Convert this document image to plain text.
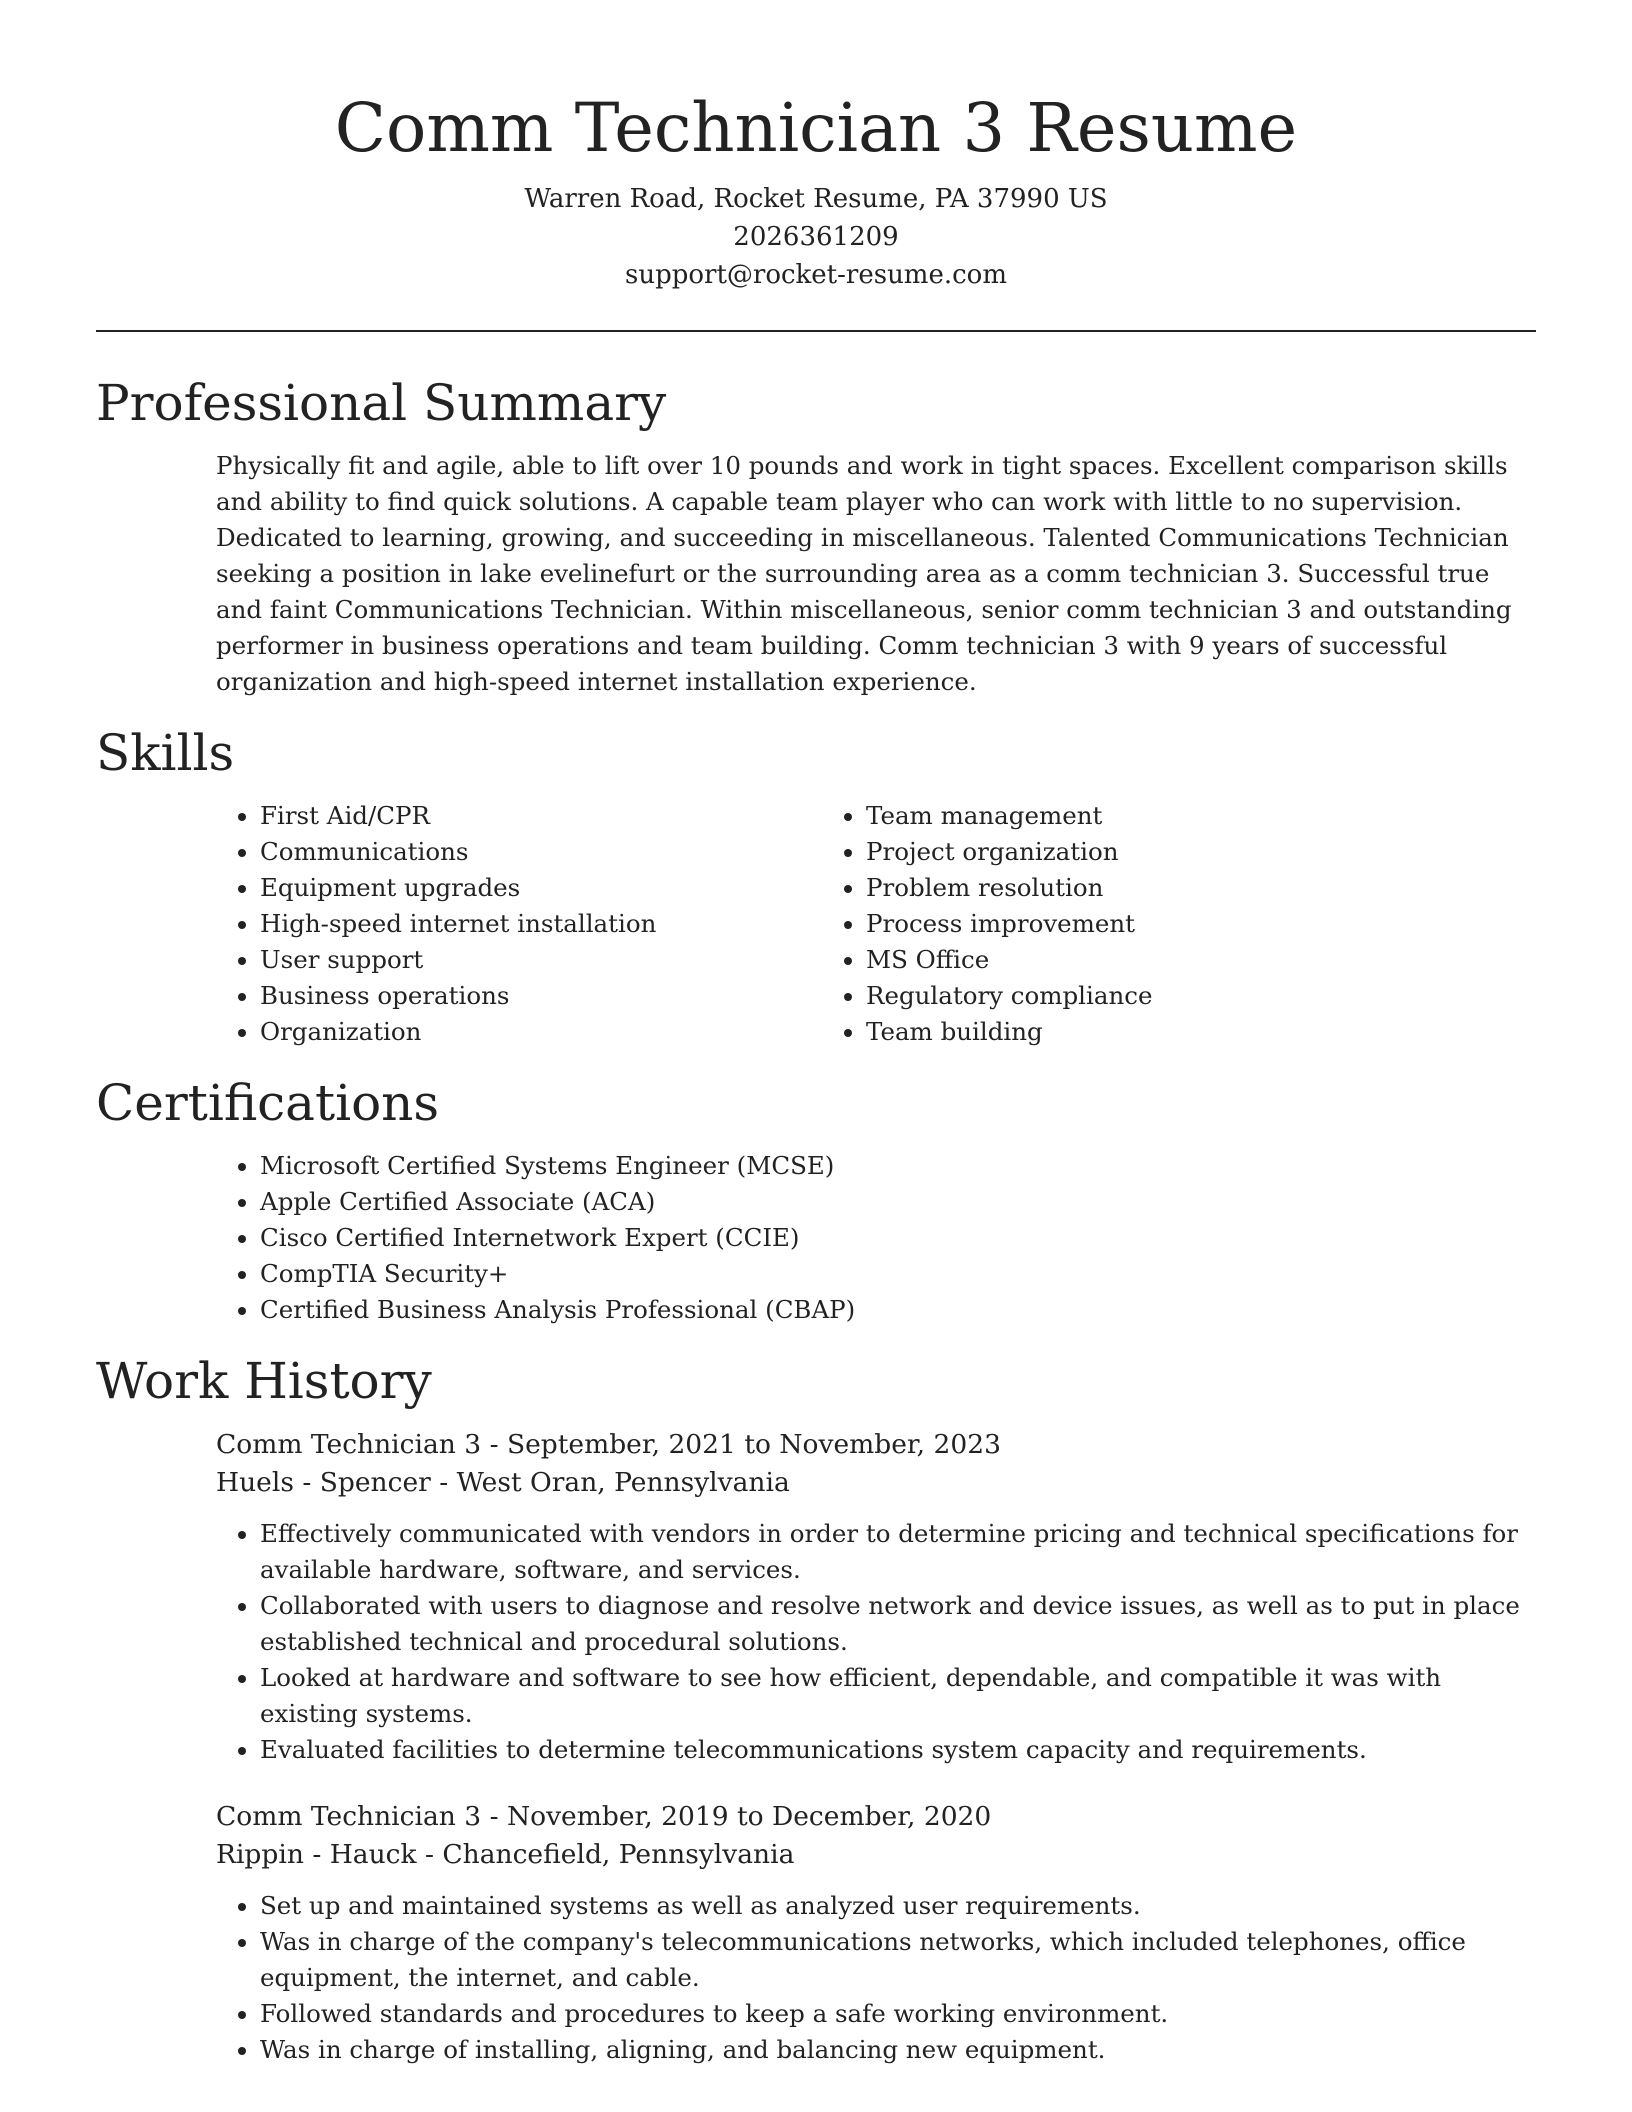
Comm Technician 3 Resume
Warren Road, Rocket Resume, PA 37990 US
2026361209
support@rocket-resume.com
Professional Summary
Physically fit and agile, able to lift over 10 pounds and work in tight spaces. Excellent comparison skills and ability to find quick solutions. A capable team player who can work with little to no supervision. Dedicated to learning, growing, and succeeding in miscellaneous. Talented Communications Technician seeking a position in lake evelinefurt or the surrounding area as a comm technician 3. Successful true and faint Communications Technician. Within miscellaneous, senior comm technician 3 and outstanding performer in business operations and team building. Comm technician 3 with 9 years of successful organization and high-speed internet installation experience.
Skills
• First Aid/CPR
• Communications
• Equipment upgrades
• High-speed internet installation
• User support
• Business operations
• Organization
• Team management
• Project organization
• Problem resolution
• Process improvement
• MS Office
• Regulatory compliance
• Team building
Certifications
• Microsoft Certified Systems Engineer (MCSE)
• Apple Certified Associate (ACA)
• Cisco Certified Internetwork Expert (CCIE)
• CompTIA Security+
• Certified Business Analysis Professional (CBAP)
Work History
Comm Technician 3 - September, 2021 to November, 2023
Huels - Spencer - West Oran, Pennsylvania
• Effectively communicated with vendors in order to determine pricing and technical specifications for available hardware, software, and services.
• Collaborated with users to diagnose and resolve network and device issues, as well as to put in place established technical and procedural solutions.
• Looked at hardware and software to see how efficient, dependable, and compatible it was with existing systems.
• Evaluated facilities to determine telecommunications system capacity and requirements.
Comm Technician 3 - November, 2019 to December, 2020
Rippin - Hauck - Chancefield, Pennsylvania
• Set up and maintained systems as well as analyzed user requirements.
• Was in charge of the company's telecommunications networks, which included telephones, office equipment, the internet, and cable.
• Followed standards and procedures to keep a safe working environment.
• Was in charge of installing, aligning, and balancing new equipment.
